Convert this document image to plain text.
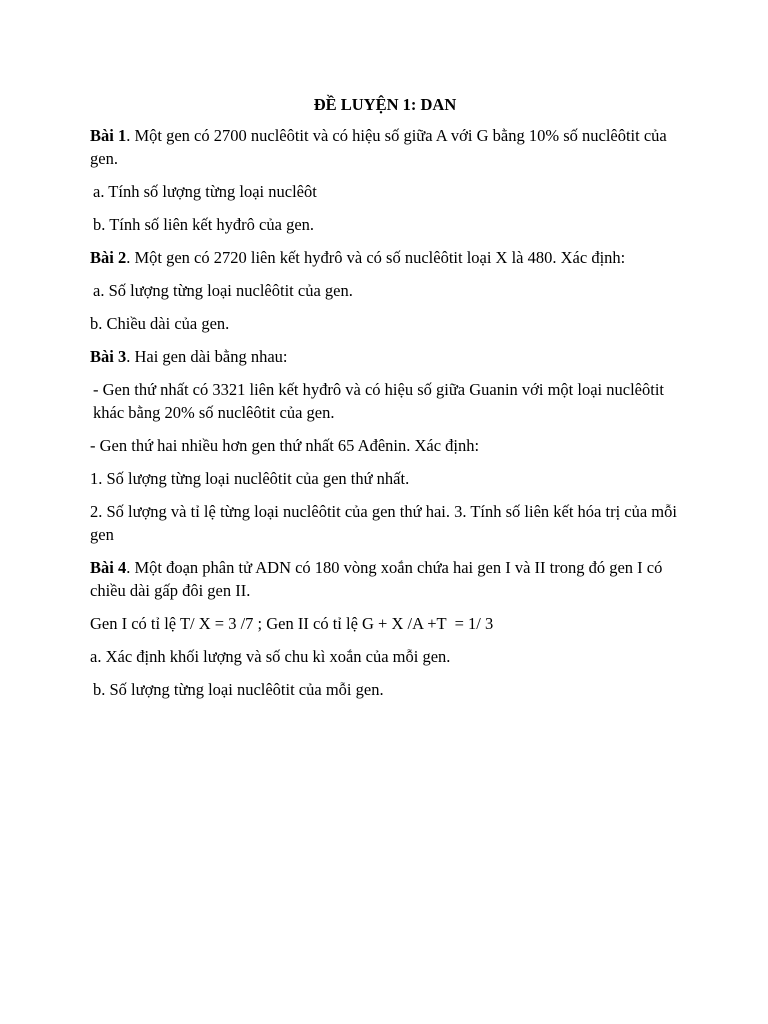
ĐỀ LUYỆN 1: DAN
Bài 1. Một gen có 2700 nuclêôtit và có hiệu số giữa A với G bằng 10% số nuclêôtit của gen.
a. Tính số lượng từng loại nuclêôt
b. Tính số liên kết hyđrô của gen.
Bài 2. Một gen có 2720 liên kết hyđrô và có số nuclêôtit loại X là 480. Xác định:
a. Số lượng từng loại nuclêôtit của gen.
b. Chiều dài của gen.
Bài 3. Hai gen dài bằng nhau:
- Gen thứ nhất có 3321 liên kết hyđrô và có hiệu số giữa Guanin với một loại nuclêôtit khác bằng 20% số nuclêôtit của gen.
- Gen thứ hai nhiều hơn gen thứ nhất 65 Ađênin. Xác định:
1. Số lượng từng loại nuclêôtit của gen thứ nhất.
2. Số lượng và tỉ lệ từng loại nuclêôtit của gen thứ hai. 3. Tính số liên kết hóa trị của mỗi gen
Bài 4. Một đoạn phân tử ADN có 180 vòng xoắn chứa hai gen I và II trong đó gen I có chiều dài gấp đôi gen II.
Gen I có tỉ lệ T/ X = 3 /7 ; Gen II có tỉ lệ G + X /A +T  = 1/ 3
a. Xác định khối lượng và số chu kì xoắn của mỗi gen.
b. Số lượng từng loại nuclêôtit của mỗi gen.
